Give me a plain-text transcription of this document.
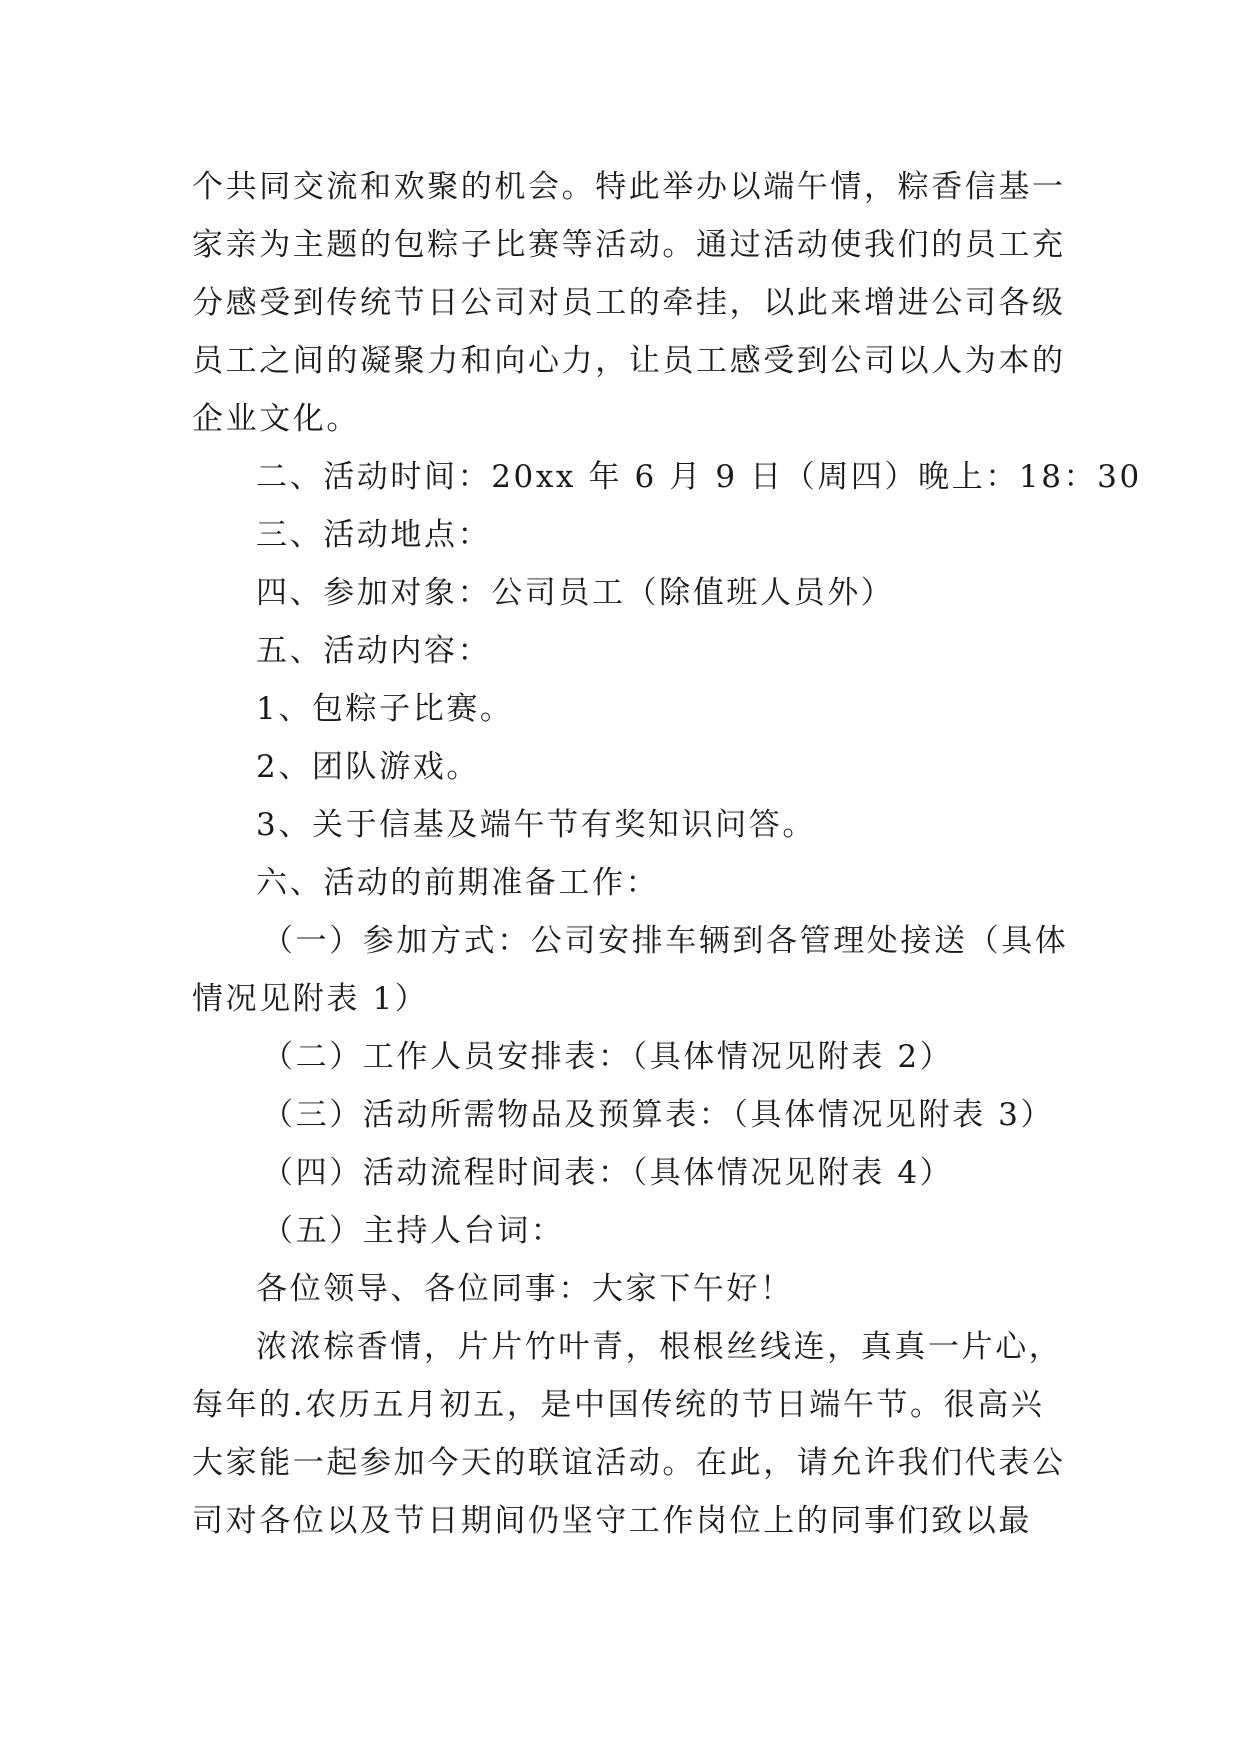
个共同交流和欢聚的机会。特此举办以端午情，粽香信基一
家亲为主题的包粽子比赛等活动。通过活动使我们的员工充
分感受到传统节日公司对员工的牵挂，以此来增进公司各级
员工之间的凝聚力和向心力，让员工感受到公司以人为本的
企业文化。
二、活动时间：20xx 年 6 月 9 日（周四）晚上：18：30
三、活动地点：
四、参加对象：公司员工（除值班人员外）
五、活动内容：
1、包粽子比赛。
2、团队游戏。
3、关于信基及端午节有奖知识问答。
六、活动的前期准备工作：
（一）参加方式：公司安排车辆到各管理处接送（具体
情况见附表 1）
（二）工作人员安排表：（具体情况见附表 2）
（三）活动所需物品及预算表：（具体情况见附表 3）
（四）活动流程时间表：（具体情况见附表 4）
（五）主持人台词：
各位领导、各位同事：大家下午好！
浓浓棕香情，片片竹叶青，根根丝线连，真真一片心，
每年的.农历五月初五，是中国传统的节日端午节。很高兴
大家能一起参加今天的联谊活动。在此，请允许我们代表公
司对各位以及节日期间仍坚守工作岗位上的同事们致以最
